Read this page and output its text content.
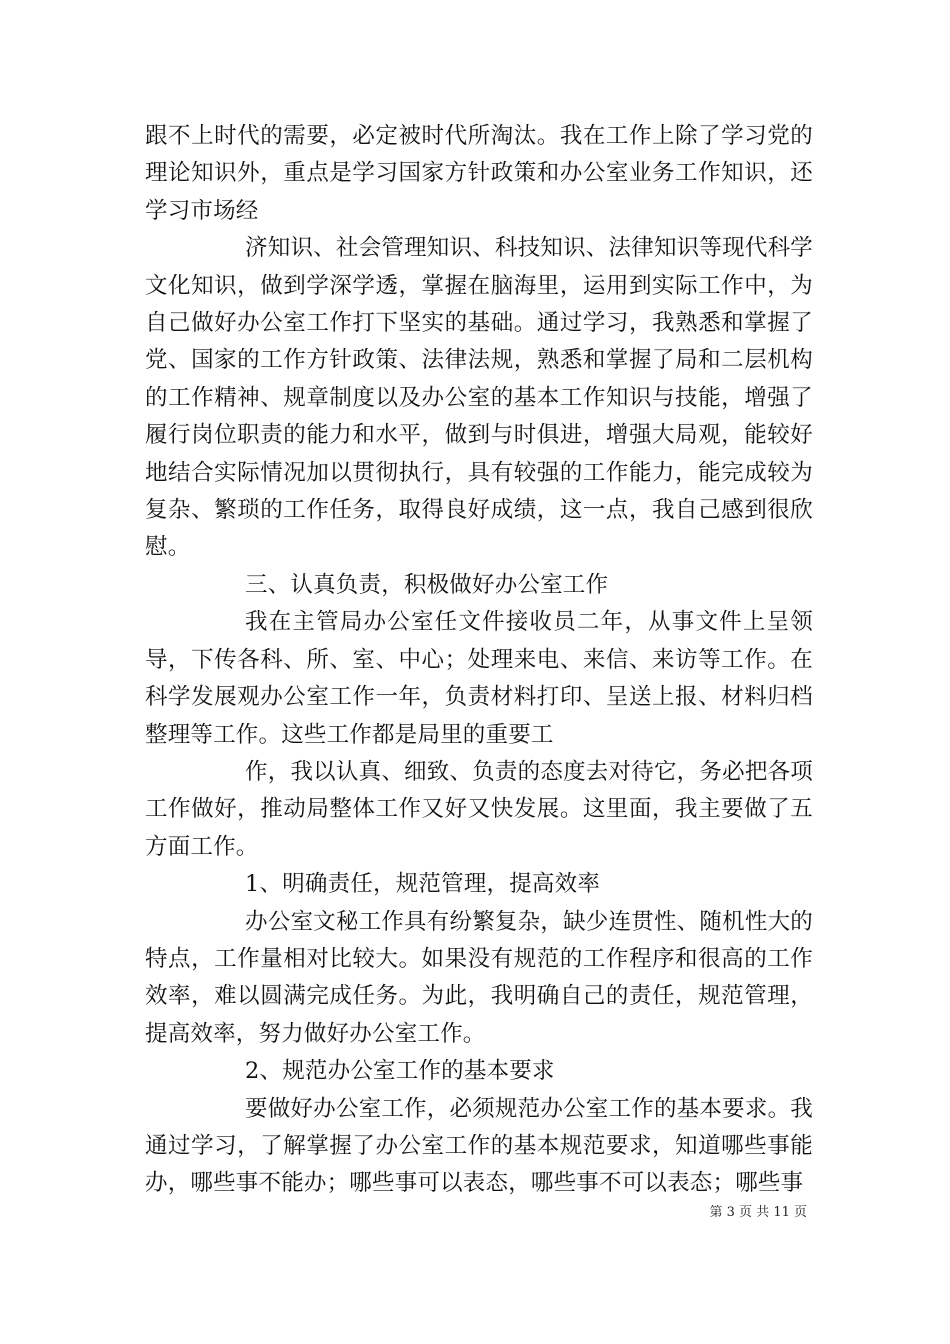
跟不上时代的需要，必定被时代所淘汰。我在工作上除了学习党的理论知识外，重点是学习国家方针政策和办公室业务工作知识，还学习市场经

济知识、社会管理知识、科技知识、法律知识等现代科学文化知识，做到学深学透，掌握在脑海里，运用到实际工作中，为自己做好办公室工作打下坚实的基础。通过学习，我熟悉和掌握了党、国家的工作方针政策、法律法规，熟悉和掌握了局和二层机构的工作精神、规章制度以及办公室的基本工作知识与技能，增强了履行岗位职责的能力和水平，做到与时俱进，增强大局观，能较好地结合实际情况加以贯彻执行，具有较强的工作能力，能完成较为复杂、繁琐的工作任务，取得良好成绩，这一点，我自己感到很欣慰。

三、认真负责，积极做好办公室工作

我在主管局办公室任文件接收员二年，从事文件上呈领导，下传各科、所、室、中心；处理来电、来信、来访等工作。在科学发展观办公室工作一年，负责材料打印、呈送上报、材料归档整理等工作。这些工作都是局里的重要工

作，我以认真、细致、负责的态度去对待它，务必把各项工作做好，推动局整体工作又好又快发展。这里面，我主要做了五方面工作。

1、明确责任，规范管理，提高效率

办公室文秘工作具有纷繁复杂，缺少连贯性、随机性大的特点，工作量相对比较大。如果没有规范的工作程序和很高的工作效率，难以圆满完成任务。为此，我明确自己的责任，规范管理，提高效率，努力做好办公室工作。

2、规范办公室工作的基本要求

要做好办公室工作，必须规范办公室工作的基本要求。我通过学习，了解掌握了办公室工作的基本规范要求，知道哪些事能办，哪些事不能办；哪些事可以表态，哪些事不可以表态；哪些事

第 3 页 共 11 页
